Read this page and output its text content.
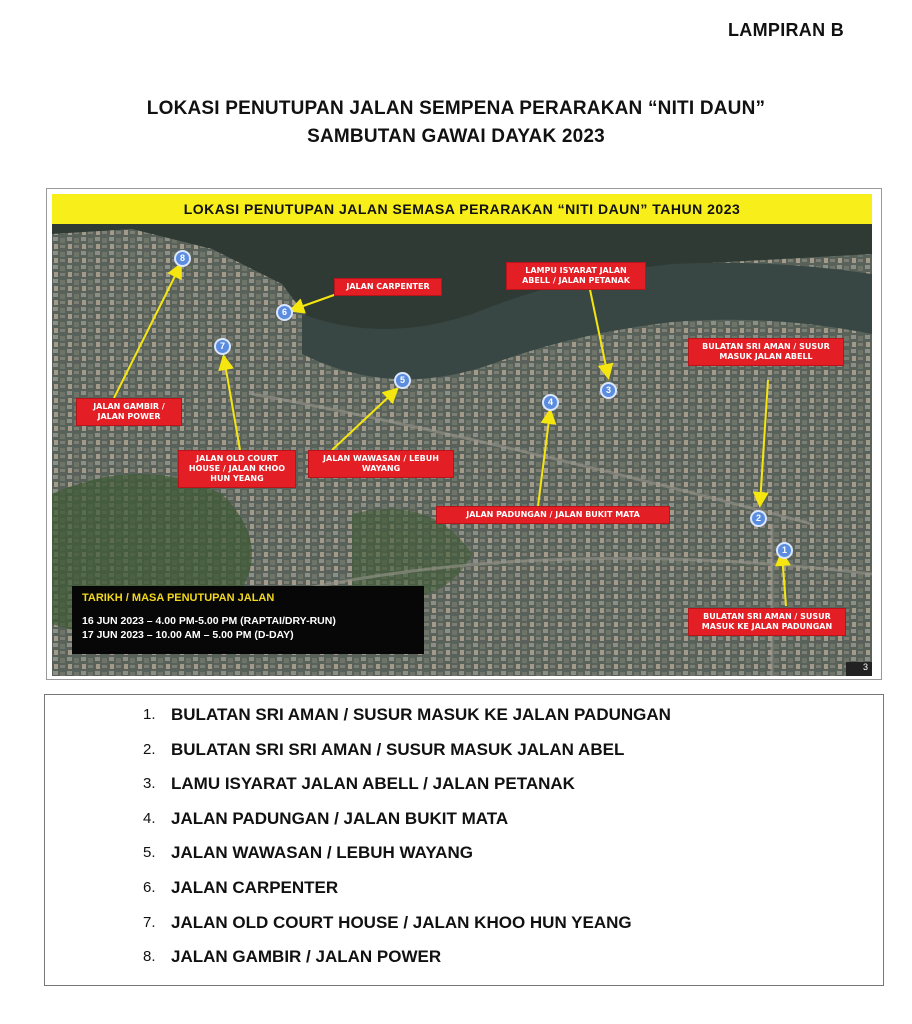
LAMPIRAN B
LOKASI PENUTUPAN JALAN SEMPENA PERARAKAN “NITI DAUN”
SAMBUTAN GAWAI DAYAK 2023
LOKASI PENUTUPAN JALAN SEMASA PERARAKAN “NITI DAUN” TAHUN 2023
JALAN CARPENTER
LAMPU ISYARAT JALAN
ABELL / JALAN PETANAK
BULATAN SRI AMAN / SUSUR
MASUK JALAN ABELL
JALAN GAMBIR /
JALAN POWER
JALAN OLD COURT
HOUSE / JALAN KHOO
HUN YEANG
JALAN WAWASAN / LEBUH
WAYANG
JALAN PADUNGAN / JALAN BUKIT MATA
BULATAN SRI AMAN / SUSUR
MASUK KE JALAN PADUNGAN
1
2
3
4
5
6
7
8
TARIKH / MASA PENUTUPAN JALAN
16 JUN 2023 – 4.00 PM-5.00 PM (RAPTAI/DRY-RUN)
17 JUN 2023 – 10.00 AM – 5.00 PM (D-DAY)
3
1. BULATAN SRI AMAN / SUSUR MASUK KE JALAN PADUNGAN
2. BULATAN SRI SRI AMAN / SUSUR MASUK JALAN ABEL
3. LAMU ISYARAT JALAN ABELL / JALAN PETANAK
4. JALAN PADUNGAN / JALAN BUKIT MATA
5. JALAN WAWASAN / LEBUH WAYANG
6. JALAN CARPENTER
7. JALAN OLD COURT HOUSE / JALAN KHOO HUN YEANG
8. JALAN GAMBIR / JALAN POWER
